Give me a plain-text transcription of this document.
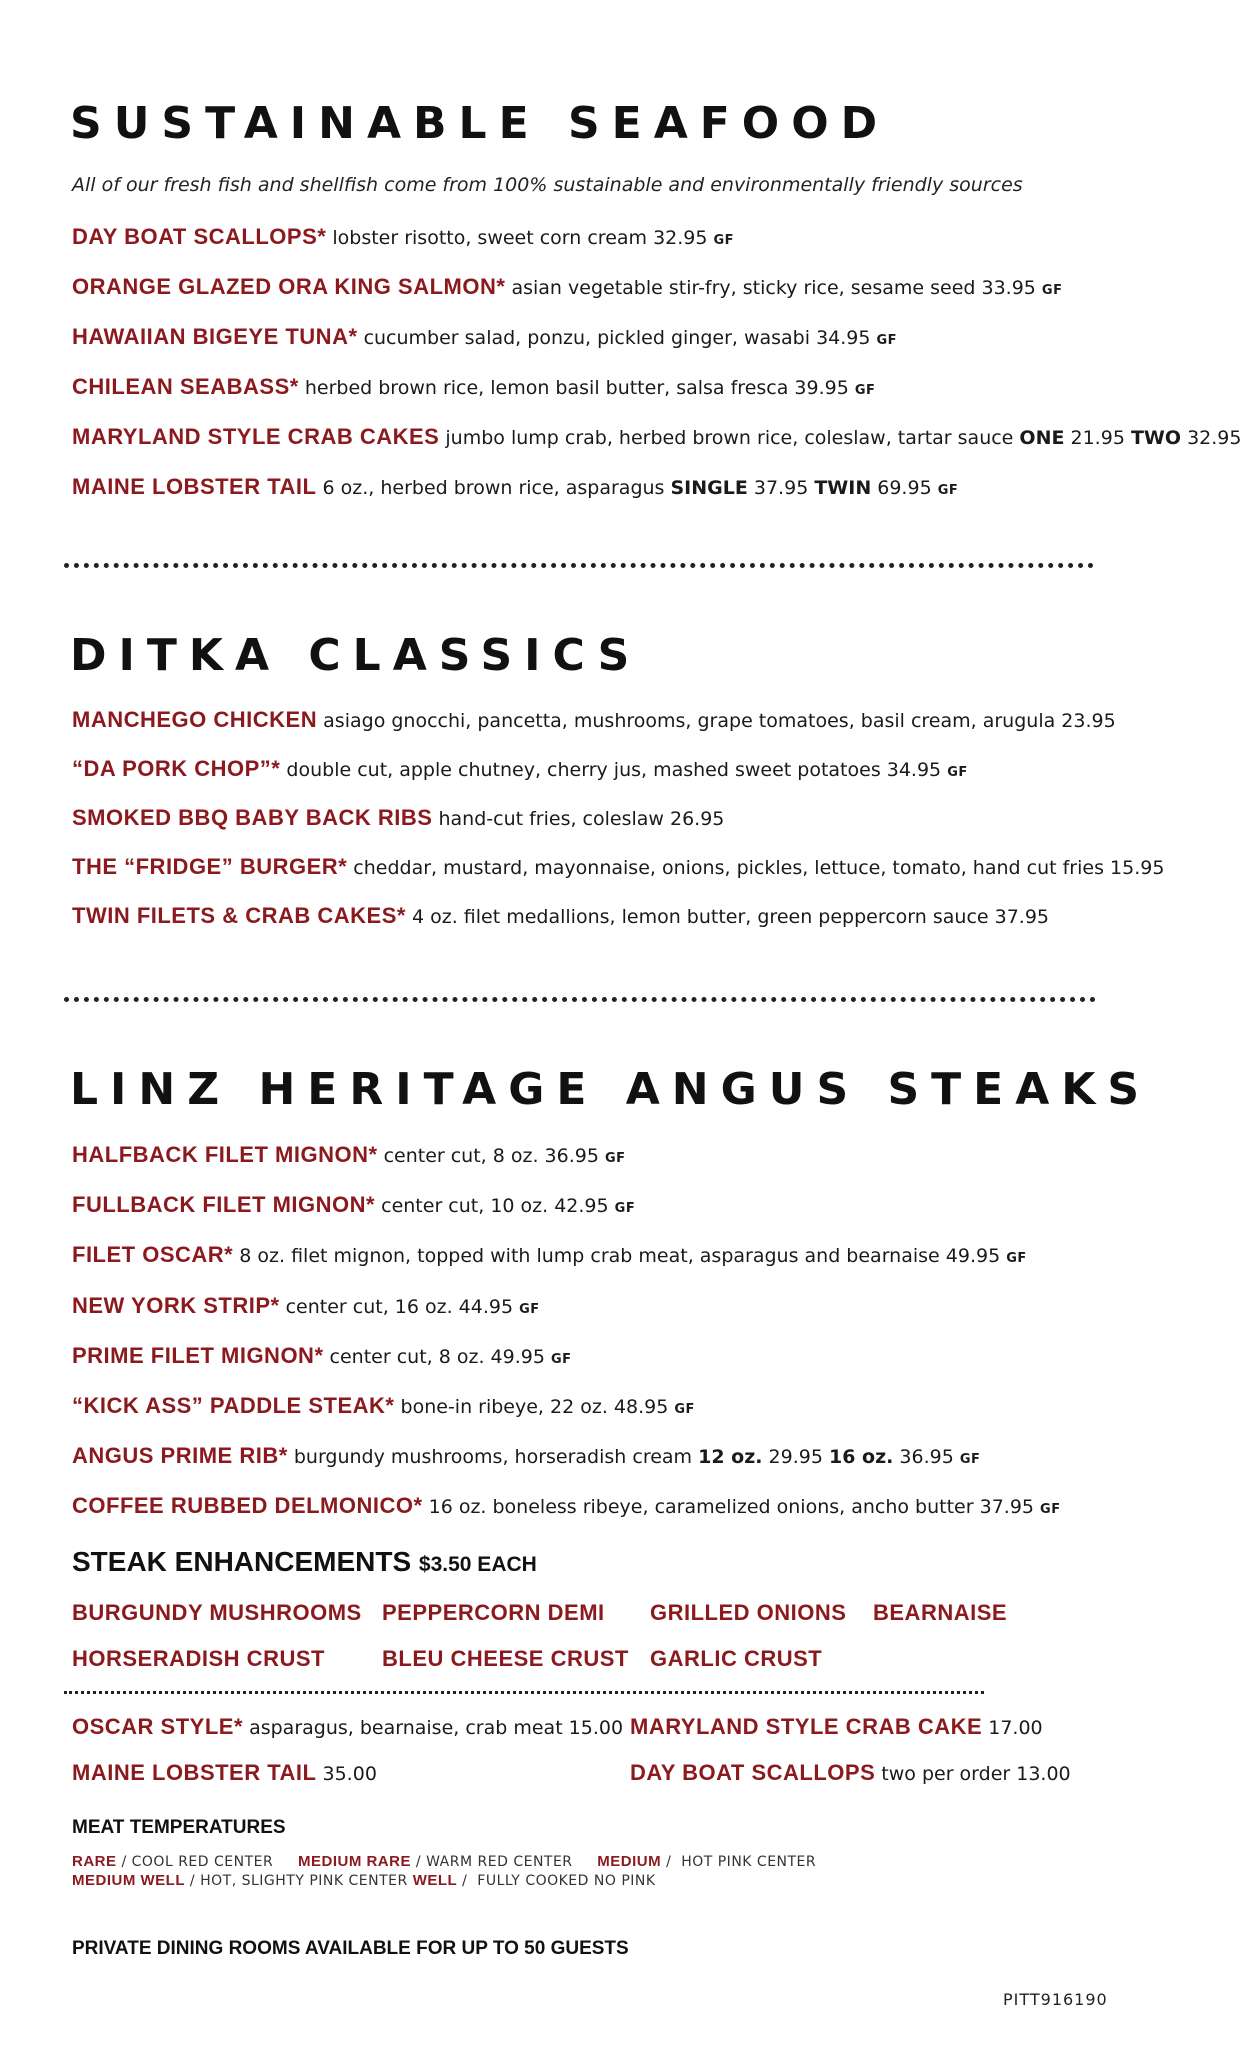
SUSTAINABLE SEAFOOD
All of our fresh fish and shellfish come from 100% sustainable and environmentally friendly sources
DAY BOAT SCALLOPS* lobster risotto, sweet corn cream 32.95 GF
ORANGE GLAZED ORA KING SALMON* asian vegetable stir-fry, sticky rice, sesame seed 33.95 GF
HAWAIIAN BIGEYE TUNA* cucumber salad, ponzu, pickled ginger, wasabi 34.95 GF
CHILEAN SEABASS* herbed brown rice, lemon basil butter, salsa fresca 39.95 GF
MARYLAND STYLE CRAB CAKES jumbo lump crab, herbed brown rice, coleslaw, tartar sauce ONE 21.95 TWO 32.95
MAINE LOBSTER TAIL 6 oz., herbed brown rice, asparagus SINGLE 37.95 TWIN 69.95 GF
DITKA CLASSICS
MANCHEGO CHICKEN asiago gnocchi, pancetta, mushrooms, grape tomatoes, basil cream, arugula 23.95
“DA PORK CHOP”* double cut, apple chutney, cherry jus, mashed sweet potatoes 34.95 GF
SMOKED BBQ BABY BACK RIBS hand-cut fries, coleslaw 26.95
THE “FRIDGE” BURGER* cheddar, mustard, mayonnaise, onions, pickles, lettuce, tomato, hand cut fries 15.95
TWIN FILETS & CRAB CAKES* 4 oz. filet medallions, lemon butter, green peppercorn sauce 37.95
LINZ HERITAGE ANGUS STEAKS
HALFBACK FILET MIGNON* center cut, 8 oz. 36.95 GF
FULLBACK FILET MIGNON* center cut, 10 oz. 42.95 GF
FILET OSCAR* 8 oz. filet mignon, topped with lump crab meat, asparagus and bearnaise 49.95 GF
NEW YORK STRIP* center cut, 16 oz. 44.95 GF
PRIME FILET MIGNON* center cut, 8 oz. 49.95 GF
“KICK ASS” PADDLE STEAK* bone-in ribeye, 22 oz. 48.95 GF
ANGUS PRIME RIB* burgundy mushrooms, horseradish cream 12 oz. 29.95 16 oz. 36.95 GF
COFFEE RUBBED DELMONICO* 16 oz. boneless ribeye, caramelized onions, ancho butter 37.95 GF
STEAK ENHANCEMENTS $3.50 EACH
BURGUNDY MUSHROOMS PEPPERCORN DEMI GRILLED ONIONS BEARNAISE
HORSERADISH CRUST	BLEU CHEESE CRUST GARLIC CRUST
OSCAR STYLE* asparagus, bearnaise, crab meat 15.00 MARYLAND STYLE CRAB CAKE 17.00
MAINE LOBSTER TAIL 35.00	DAY BOAT SCALLOPS two per order 13.00
MEAT TEMPERATURES
RARE / COOL RED CENTER     MEDIUM RARE / WARM RED CENTER     MEDIUM /  HOT PINK CENTER
MEDIUM WELL / HOT, SLIGHTY PINK CENTER WELL /  FULLY COOKED NO PINK
PRIVATE DINING ROOMS AVAILABLE FOR UP TO 50 GUESTS
PITT916190
